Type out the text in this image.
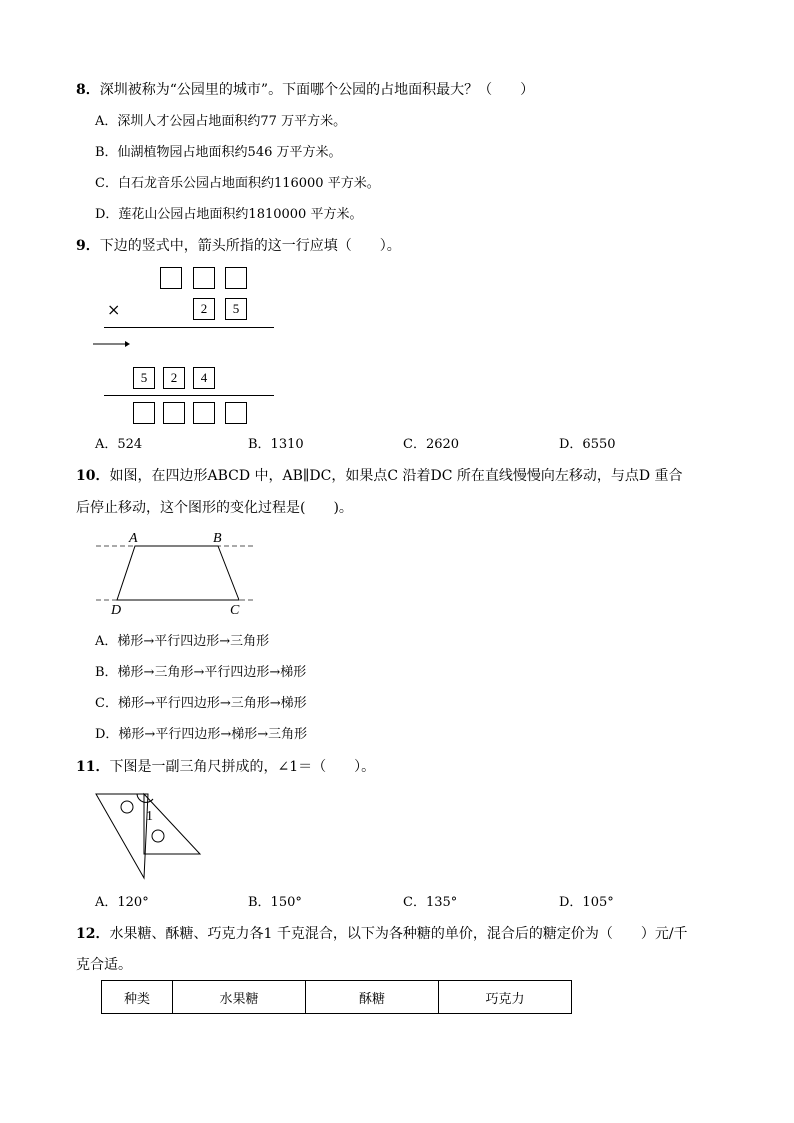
8．深圳被称为“公园里的城市”。下面哪个公园的占地面积最大？（　　）
A．深圳人才公园占地面积约77 万平方米。
B．仙湖植物园占地面积约546 万平方米。
C．白石龙音乐公园占地面积约116000 平方米。
D．莲花山公园占地面积约1810000 平方米。
9．下边的竖式中，箭头所指的这一行应填（　　）。
×	2	5
5	2	4
A．524	B．1310	C．2620	D．6550
10．如图，在四边形ABCD 中，AB∥DC，如果点C 沿着DC 所在直线慢慢向左移动，与点D 重合
后停止移动，这个图形的变化过程是(　　)。
A	B
D	C
A．梯形→平行四边形→三角形
B．梯形→三角形→平行四边形→梯形
C．梯形→平行四边形→三角形→梯形
D．梯形→平行四边形→梯形→三角形
11．下图是一副三角尺拼成的，∠1＝（　　）。
1
A．120°	B．150°	C．135°	D．105°
12．水果糖、酥糖、巧克力各1 千克混合，以下为各种糖的单价，混合后的糖定价为（　　）元/千
克合适。
种类	水果糖	酥糖	巧克力
